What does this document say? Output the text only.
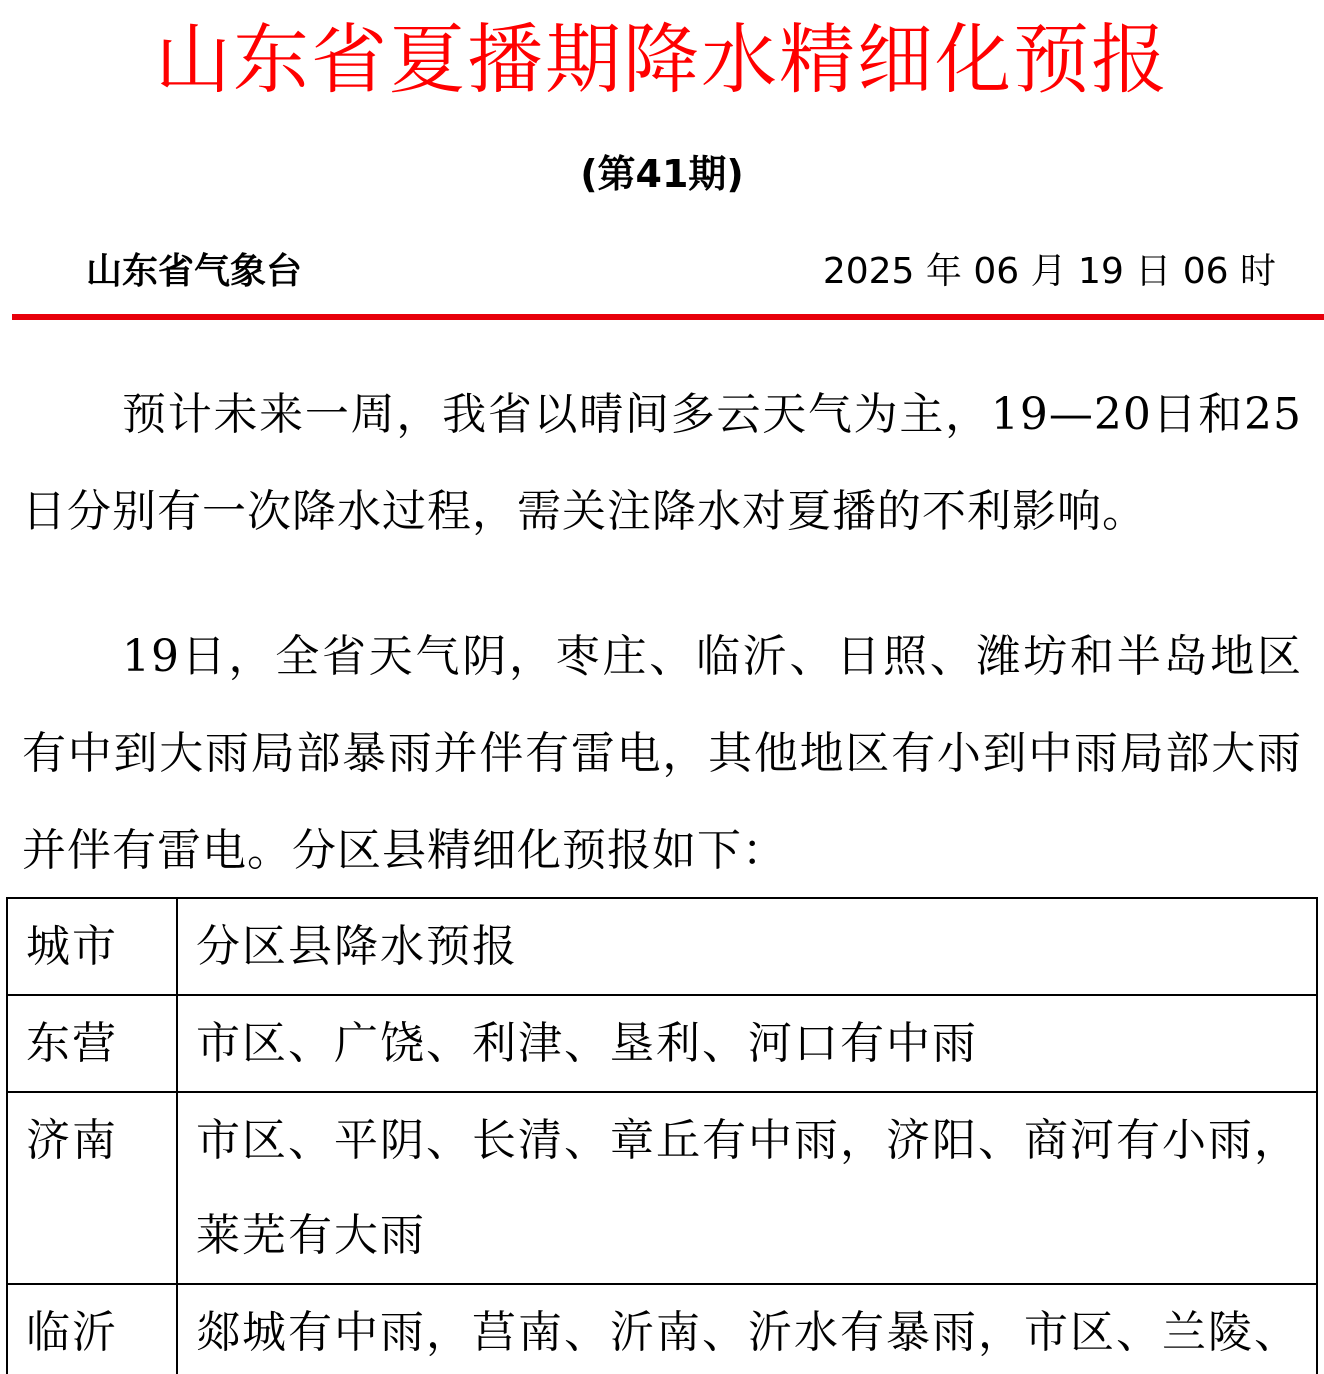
山东省夏播期降水精细化预报
(第41期)
山东省气象台	2025 年 06 月 19 日 06 时
预计未来一周，我省以晴间多云天气为主，19—20日和25日分别有一次降水过程，需关注降水对夏播的不利影响。
19日，全省天气阴，枣庄、临沂、日照、潍坊和半岛地区有中到大雨局部暴雨并伴有雷电，其他地区有小到中雨局部大雨并伴有雷电。分区县精细化预报如下：
城市	分区县降水预报
东营	市区、广饶、利津、垦利、河口有中雨
济南	市区、平阴、长清、章丘有中雨，济阳、商河有小雨，莱芜有大雨
临沂	郯城有中雨，莒南、沂南、沂水有暴雨，市区、兰陵、
